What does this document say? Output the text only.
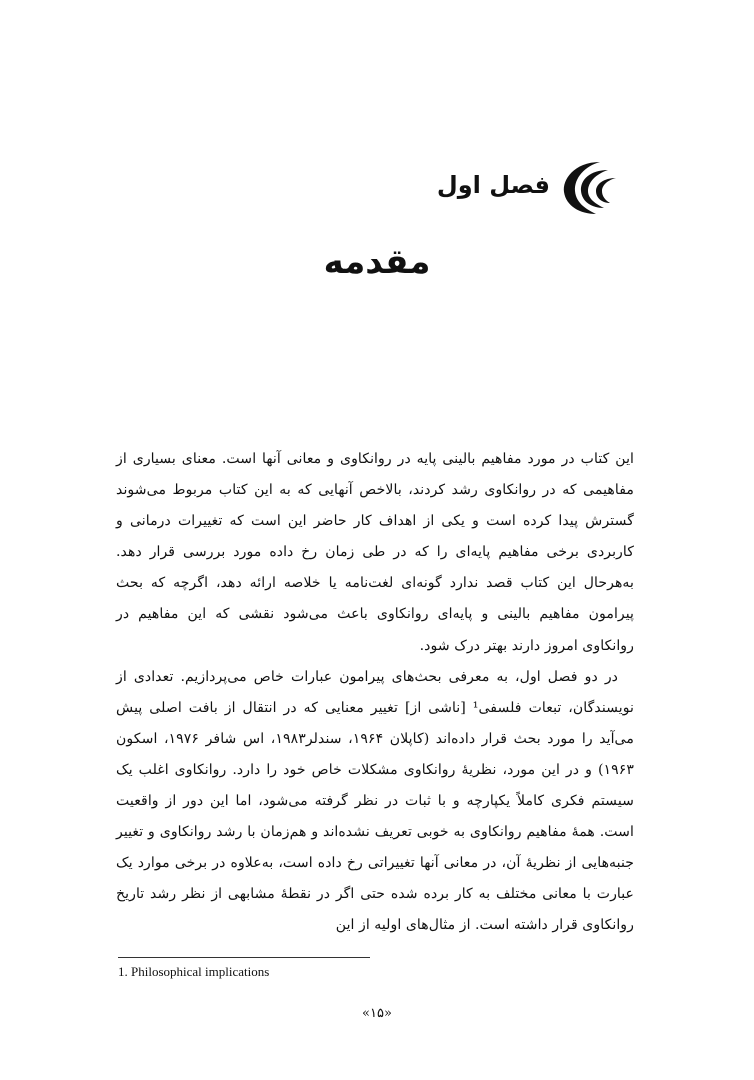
فصل اول
مقدمه

این کتاب در مورد مفاهیم بالینی پایه در روانکاوی و معانی آنها است. معنای بسیاری از مفاهیمی که در روانکاوی رشد کردند، بالاخص آنهایی که به این کتاب مربوط می‌شوند گسترش پیدا کرده است و یکی از اهداف کار حاضر این است که تغییرات درمانی و کاربردی برخی مفاهیم پایه‌ای را که در طی زمان رخ داده مورد بررسی قرار دهد. به‌هرحال این کتاب قصد ندارد گونه‌ای لغت‌نامه یا خلاصه ارائه دهد، اگرچه که بحث پیرامون مفاهیم بالینی و پایه‌ای روانکاوی باعث می‌شود نقشی که این مفاهیم در روانکاوی امروز دارند بهتر درک شود.

در دو فصل اول، به معرفی بحث‌های پیرامون عبارات خاص می‌پردازیم. تعدادی از نویسندگان، تبعات فلسفی¹ [ناشی از] تغییر معنایی که در انتقال از بافت اصلی پیش می‌آید را مورد بحث قرار داده‌اند (کاپلان ۱۹۶۴، سندلر۱۹۸۳، اس شافر ۱۹۷۶، اسکون ۱۹۶۳) و در این مورد، نظریهٔ روانکاوی مشکلات خاص خود را دارد. روانکاوی اغلب یک سیستم فکری کاملاً یکپارچه و با ثبات در نظر گرفته می‌شود، اما این دور از واقعیت است. همهٔ مفاهیم روانکاوی به خوبی تعریف نشده‌اند و هم‌زمان با رشد روانکاوی و تغییر جنبه‌هایی از نظریهٔ آن، در معانی آنها تغییراتی رخ داده است، به‌علاوه در برخی موارد یک عبارت با معانی مختلف به کار برده شده حتی اگر در نقطهٔ مشابهی از نظر رشد تاریخ روانکاوی قرار داشته است. از مثال‌های اولیه از این

1. Philosophical implications
«۱۵»
